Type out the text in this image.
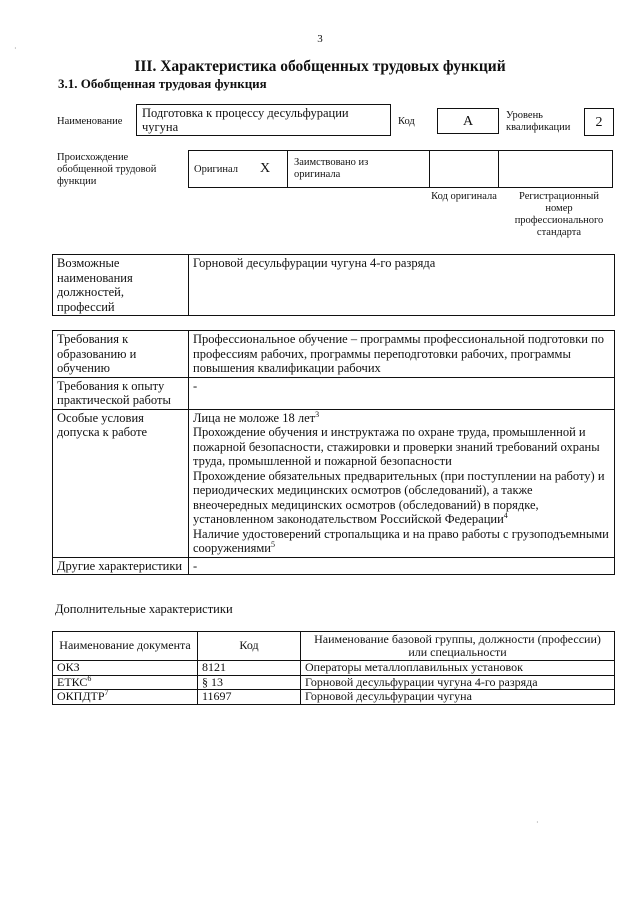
3
III. Характеристика обобщенных трудовых функций
3.1. Обобщенная трудовая функция
Наименование
Подготовка к процессу десульфурации чугуна	Код	А	Уровень квалификации	2
Происхождение обобщенной трудовой функции
Оригинал X Заимствовано из оригинала
Код оригинала	Регистрационный номер профессионального стандарта
Возможные наименования должностей, профессий	Горновой десульфурации чугуна 4-го разряда
Требования к образованию и обучению	Профессиональное обучение – программы профессиональной подготовки по профессиям рабочих, программы переподготовки рабочих, программы повышения квалификации рабочих

Требования к опыту практической работы	-

Особые условия допуска к работе	Лица не моложе 18 лет$^3$
Прохождение обучения и инструктажа по охране труда, промышленной и пожарной безопасности, стажировки и проверки знаний требований охраны труда, промышленной и пожарной безопасности
Прохождение обязательных предварительных (при поступлении на работу) и периодических медицинских осмотров (обследований), а также внеочередных медицинских осмотров (обследований) в порядке, установленном законодательством Российской Федерации$^4$
Наличие удостоверений стропальщика и на право работы с грузоподъемными сооружениями$^5$

Другие характеристики	-
Дополнительные характеристики
Наименование документа	Код	Наименование базовой группы, должности (профессии) или специальности
ОКЗ	8121	Операторы металлоплавильных установок
ЕТКС$^6$	§ 13	Горновой десульфурации чугуна 4-го разряда
ОКПДТР$^7$	11697	Горновой десульфурации чугуна
·
·
